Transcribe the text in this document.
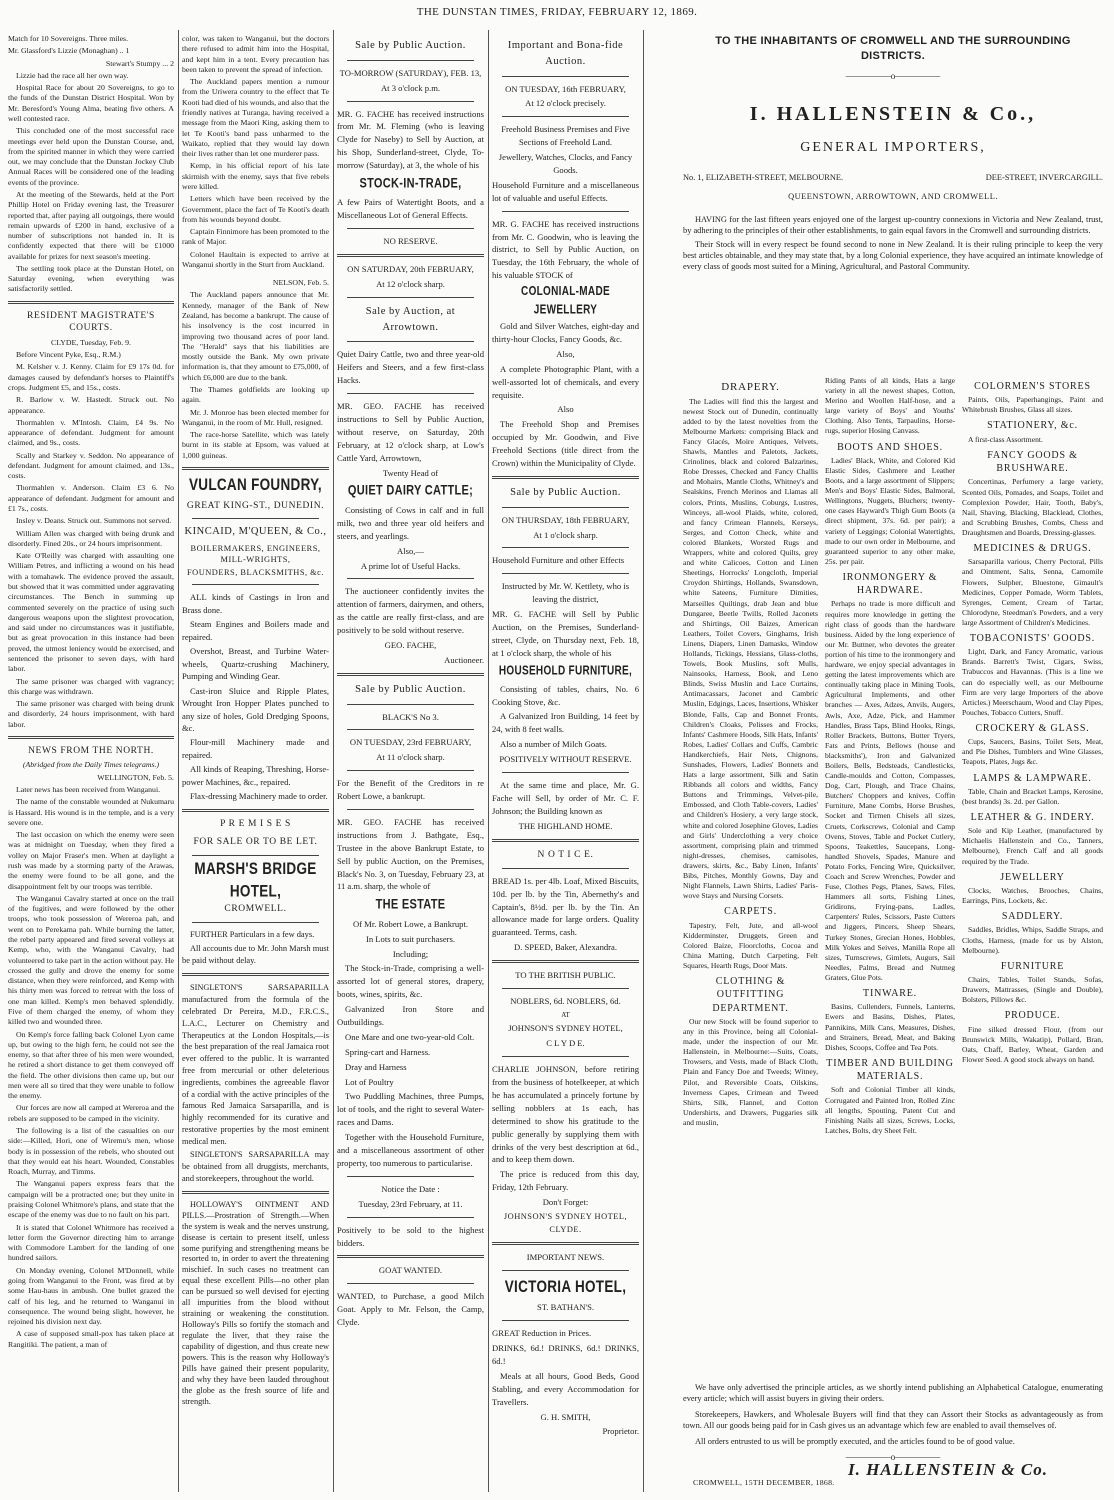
THE DUNSTAN TIMES, FRIDAY, FEBRUARY 12, 1869.

Match for 10 Sovereigns. Three miles.

Mr. Glassford's Lizzie (Monaghan) .. 1

Stewart's Stumpy ... 2

Lizzie had the race all her own way.

Hospital Race for about 20 Sovereigns, to go to the funds of the Dunstan District Hospital. Won by Mr. Beresford's Young Alma, beating five others. A well contested race.

This concluded one of the most successful race meetings ever held upon the Dunstan Course, and, from the spirited manner in which they were carried out, we may conclude that the Dunstan Jockey Club Annual Races will be considered one of the leading events of the province.

At the meeting of the Stewards, held at the Port Phillip Hotel on Friday evening last, the Treasurer reported that, after paying all outgoings, there would remain upwards of £200 in hand, exclusive of a number of subscriptions not handed in. It is confidently expected that there will be £1000 available for prizes for next season's meeting.

The settling took place at the Dunstan Hotel, on Saturday evening, when everything was satisfactorily settled.

RESIDENT MAGISTRATE'S COURTS.

CLYDE, Tuesday, Feb. 9.

Before Vincent Pyke, Esq., R.M.)

M. Kelsher v. J. Kenny. Claim for £9 17s 0d. for damages caused by defendant's horses to Plaintiff's crops. Judgment £5, and 15s., costs.

R. Barlow v. W. Hastedt. Struck out. No appearance.

Thormahlen v. M'Intosh. Claim, £4 9s. No appearance of defendant. Judgment for amount claimed, and 9s., costs.

Scally and Starkey v. Seddon. No appearance of defendant. Judgment for amount claimed, and 13s., costs.

Thormahlen v. Anderson. Claim £3 6. No appearance of defendant. Judgment for amount and £1 7s., costs.

Insley v. Deans. Struck out. Summons not served.

William Allen was charged with being drunk and disorderly. Fined 20s., or 24 hours imprisonment.

Kate O'Reilly was charged with assaulting one William Petres, and inflicting a wound on his head with a tomahawk. The evidence proved the assault, but showed that it was committed under aggravating circumstances. The Bench in summing up commented severely on the practice of using such dangerous weapons upon the slightest provocation, and said under no circumstances was it justifiable, but as great provocation in this instance had been proved, the utmost leniency would be exercised, and sentenced the prisoner to seven days, with hard labor.

The same prisoner was charged with vagrancy; this charge was withdrawn.

The same prisoner was charged with being drunk and disorderly, 24 hours imprisonment, with hard labor.

NEWS FROM THE NORTH.

(Abridged from the Daily Times telegrams.)

WELLINGTON, Feb. 5.

Later news has been received from Wanganui.

The name of the constable wounded at Nukumaru is Hassard. His wound is in the temple, and is a very severe one.

The last occasion on which the enemy were seen was at midnight on Tuesday, when they fired a volley on Major Fraser's men. When at daylight a rush was made by a storming party of the Arawas, the enemy were found to be all gone, and the disappointment felt by our troops was terrible.

The Wanganui Cavalry started at once on the trail of the fugitives, and were followed by the other troops, who took possession of Wereroa pah, and went on to Perekama pah. While burning the latter, the rebel party appeared and fired several volleys at Kemp, who, with the Wanganui Cavalry, had volunteered to take part in the action without pay. He crossed the gully and drove the enemy for some distance, when they were reinforced, and Kemp with his thirty men was forced to retreat with the loss of one man killed. Kemp's men behaved splendidly. Five of them charged the enemy, of whom they killed two and wounded three.

On Kemp's force falling back Colonel Lyon came up, but owing to the high fern, he could not see the enemy, so that after three of his men were wounded, he retired a short distance to get them conveyed off the field. The other divisions then came up, but our men were all so tired that they were unable to follow the enemy.

Our forces are now all camped at Wereroa and the rebels are supposed to be camped in the vicinity.

The following is a list of the casualties on our side:—Killed, Hori, one of Wiremu's men, whose body is in possession of the rebels, who shouted out that they would eat his heart. Wounded, Constables Roach, Murray, and Timms.

The Wanganui papers express fears that the campaign will be a protracted one; but they unite in praising Colonel Whitmore's plans, and state that the escape of the enemy was due to no fault on his part.

It is stated that Colonel Whitmore has received a letter form the Governor directing him to arrange with Commodore Lambert for the landing of one hundred sailors.

On Monday evening, Colonel M'Donnell, while going from Wanganui to the Front, was fired at by some Hau-haus in ambush. One bullet grazed the calf of his leg, and he returned to Wanganui in consequence. The wound being slight, however, he rejoined his division next day.

A case of supposed small-pox has taken place at Rangitiki. The patient, a man of

color, was taken to Wanganui, but the doctors there refused to admit him into the Hospital, and kept him in a tent. Every precaution has been taken to prevent the spread of infection.

The Auckland papers mention a rumour from the Uriwera country to the effect that Te Kooti had died of his wounds, and also that the friendly natives at Turanga, having received a message from the Maori King, asking them to let Te Kooti's band pass unharmed to the Waikato, replied that they would lay down their lives rather than let one murderer pass.

Kemp, in his official report of his late skirmish with the enemy, says that five rebels were killed.

Letters which have been received by the Government, place the fact of Te Kooti's death from his wounds beyond doubt.

Captain Finnimore has been promoted to the rank of Major.

Colonel Haultain is expected to arrive at Wanganui shortly in the Sturt from Auckland.

NELSON, Feb. 5.

The Auckland papers announce that Mr. Kennedy, manager of the Bank of New Zealand, has become a bankrupt. The cause of his insolvency is the cost incurred in improving two thousand acres of poor land. The "Herald" says that his liabilities are mostly outside the Bank. My own private information is, that they amount to £75,000, of which £6,000 are due to the bank.

The Thames goldfields are looking up again.

Mr. J. Monroe has been elected member for Wanganui, in the room of Mr. Hull, resigned.

The race-horse Satellite, which was lately burnt in its stable at Epsom, was valued at 1,000 guineas.

VULCAN FOUNDRY,
GREAT KING-ST., DUNEDIN.
KINCAID, M'QUEEN, & Co.,

BOILERMAKERS, ENGINEERS, MILL-WRIGHTS,

FOUNDERS, BLACKSMITHS, &c.

ALL kinds of Castings in Iron and Brass done.

Steam Engines and Boilers made and repaired.

Overshot, Breast, and Turbine Water-wheels, Quartz-crushing Machinery, Pumping and Winding Gear.

Cast-iron Sluice and Ripple Plates, Wrought Iron Hopper Plates punched to any size of holes, Gold Dredging Spoons, &c.

Flour-mill Machinery made and repaired.

All kinds of Reaping, Threshing, Horse-power Machines, &c., repaired.

Flax-dressing Machinery made to order.

P R E M I S E S
FOR SALE OR TO BE LET.
MARSH'S BRIDGE HOTEL,
CROMWELL.

FURTHER Particulars in a few days.

All accounts due to Mr. John Marsh must be paid without delay.

SINGLETON'S SARSAPARILLA manufactured from the formula of the celebrated Dr Pereira, M.D., F.R.C.S., L.A.C., Lecturer on Chemistry and Therapeutics at the London Hospitals,—is the best preparation of the real Jamaica root ever offered to the public. It is warranted free from mercurial or other deleterious ingredients, combines the agreeable flavor of a cordial with the active principles of the famous Red Jamaica Sarsaparilla, and is highly recommended for its curative and restorative properties by the most eminent medical men.

SINGLETON'S SARSAPARILLA may be obtained from all druggists, merchants, and storekeepers, throughout the world.

HOLLOWAY'S OINTMENT AND PILLS.—Prostration of Strength.—When the system is weak and the nerves unstrung, disease is certain to present itself, unless some purifying and strengthening means be resorted to, in order to avert the threatening mischief. In such cases no treatment can equal these excellent Pills—no other plan can be pursued so well devised for ejecting all impurities from the blood without straining or weakening the constitution. Holloway's Pills so fortify the stomach and regulate the liver, that they raise the capability of digestion, and thus create new powers. This is the reason why Holloway's Pills have gained their present popularity, and why they have been lauded throughout the globe as the fresh source of life and strength.

Sale by Public Auction.

TO-MORROW (SATURDAY), FEB. 13,

At 3 o'clock p.m.

MR. G. FACHE has received instructions from Mr. M. Fleming (who is leaving Clyde for Naseby) to Sell by Auction, at his Shop, Sunderland-street, Clyde, To-morrow (Saturday), at 3, the whole of his

STOCK-IN-TRADE,

A few Pairs of Watertight Boots, and a Miscellaneous Lot of General Effects.

NO RESERVE.

ON SATURDAY, 20th FEBRUARY,

At 12 o'clock sharp.

Sale by Auction, at Arrowtown.

Quiet Dairy Cattle, two and three year-old Heifers and Steers, and a few first-class Hacks.

MR. GEO. FACHE has received instructions to Sell by Public Auction, without reserve, on Saturday, 20th February, at 12 o'clock sharp, at Low's Cattle Yard, Arrowtown,

Twenty Head of

QUIET DAIRY CATTLE;

Consisting of Cows in calf and in full milk, two and three year old heifers and steers, and yearlings.

Also,—

A prime lot of Useful Hacks.

The auctioneer confidently invites the attention of farmers, dairymen, and others, as the cattle are really first-class, and are positively to be sold without reserve.

GEO. FACHE,

Auctioneer.

Sale by Public Auction.

BLACK'S No 3.

ON TUESDAY, 23rd FEBRUARY,

At 11 o'clock sharp.

For the Benefit of the Creditors in re Robert Lowe, a bankrupt.

MR. GEO. FACHE has received instructions from J. Bathgate, Esq., Trustee in the above Bankrupt Estate, to Sell by public Auction, on the Premises, Black's No. 3, on Tuesday, February 23, at 11 a.m. sharp, the whole of

THE ESTATE

Of Mr. Robert Lowe, a Bankrupt.

In Lots to suit purchasers.

Including;

The Stock-in-Trade, comprising a well-assorted lot of general stores, drapery, boots, wines, spirits, &c.

Galvanized Iron Store and Outbuildings.

One Mare and one two-year-old Colt.

Spring-cart and Harness.

Dray and Harness

Lot of Poultry

Two Puddling Machines, three Pumps, lot of tools, and the right to several Water-races and Dams.

Together with the Household Furniture, and a miscellaneous assortment of other property, too numerous to particularise.

Notice the Date :

Tuesday, 23rd February, at 11.

Positively to be sold to the highest bidders.

GOAT WANTED.

WANTED, to Purchase, a good Milch Goat. Apply to Mr. Felson, the Camp, Clyde.

Important and Bona-fide Auction.

ON TUESDAY, 16th FEBRUARY,

At 12 o'clock precisely.

Freehold Business Premises and Five Sections of Freehold Land.

Jewellery, Watches, Clocks, and Fancy Goods.

Household Furniture and a miscellaneous lot of valuable and useful Effects.

MR. G. FACHE has received instructions from Mr. C. Goodwin, who is leaving the district, to Sell by Public Auction, on Tuesday, the 16th February, the whole of his valuable STOCK of

COLONIAL-MADE JEWELLERY

Gold and Silver Watches, eight-day and thirty-hour Clocks, Fancy Goods, &c.

Also,

A complete Photographic Plant, with a well-assorted lot of chemicals, and every requisite.

Also

The Freehold Shop and Premises occupied by Mr. Goodwin, and Five Freehold Sections (title direct from the Crown) within the Municipality of Clyde.

Sale by Public Auction.

ON THURSDAY, 18th FEBRUARY,

At 1 o'clock sharp.

Household Furniture and other Effects

Instructed by Mr. W. Kettlety, who is leaving the district,

MR. G. FACHE will Sell by Public Auction, on the Premises, Sunderland-street, Clyde, on Thursday next, Feb. 18, at 1 o'clock sharp, the whole of his

HOUSEHOLD FURNITURE,

Consisting of tables, chairs, No. 6 Cooking Stove, &c.

A Galvanized Iron Building, 14 feet by 24, with 8 feet walls.

Also a number of Milch Goats.

POSITIVELY WITHOUT RESERVE.

At the same time and place, Mr. G. Fache will Sell, by order of Mr. C. F. Johnson; the Building known as

THE HIGHLAND HOME.

N O T I C E.

BREAD 1s. per 4lb. Loaf, Mixed Biscuits, 10d. per lb. by the Tin, Abernethy's and Captain's, 8½d. per lb. by the Tin. An allowance made for large orders. Quality guaranteed. Terms, cash.

D. SPEED, Baker, Alexandra.

TO THE BRITISH PUBLIC.

NOBLERS, 6d. NOBLERS, 6d.

AT

JOHNSON'S SYDNEY HOTEL,

C L Y D E.

CHARLIE JOHNSON, before retiring from the business of hotelkeeper, at which he has accumulated a princely fortune by selling nobblers at 1s each, has determined to show his gratitude to the public generally by supplying them with drinks of the very best description at 6d., and to keep them down.

The price is reduced from this day, Friday, 12th February.

Don't Forget:

JOHNSON'S SYDNEY HOTEL, CLYDE.

IMPORTANT NEWS.

VICTORIA HOTEL,

ST. BATHAN'S.

GREAT Reduction in Prices.

DRINKS, 6d.! DRINKS, 6d.! DRINKS, 6d.!

Meals at all hours, Good Beds, Good Stabling, and every Accommodation for Travellers.

G. H. SMITH,

Proprietor.

TO THE INHABITANTS OF CROMWELL AND THE SURROUNDING DISTRICTS.
—————o—————
I. HALLENSTEIN & Co.,
GENERAL IMPORTERS,
No. 1, ELIZABETH-STREET, MELBOURNE.	DEE-STREET, INVERCARGILL.
QUEENSTOWN, ARROWTOWN, AND CROMWELL.

HAVING for the last fifteen years enjoyed one of the largest up-country connexions in Victoria and New Zealand, trust, by adhering to the principles of their other establishments, to gain equal favors in the Cromwell and surrounding districts.

Their Stock will in every respect be found second to none in New Zealand. It is their ruling principle to keep the very best articles obtainable, and they may state that, by a long Colonial experience, they have acquired an intimate knowledge of every class of goods most suited for a Mining, Agricultural, and Pastoral Community.

DRAPERY.

The Ladies will find this the largest and newest Stock out of Dunedin, continually added to by the latest novelties from the Melbourne Markets: comprising Black and Fancy Glacés, Moire Antiques, Velvets, Shawls, Mantles and Paletots, Jackets, Crinolines, black and colored Balzarines, Robe Dresses, Checked and Fancy Challis and Mohairs, Mantle Cloths, Whitney's and Sealskins, French Merinos and Llamas all colors, Prints, Muslins, Coburgs, Lustres, Winceys, all-wool Plaids, white, colored, and fancy Crimean Flannels, Kerseys, Serges, and Cotton Check, white and colored Blankets, Worsted Rugs and Wrappers, white and colored Quilts, grey and white Calicoes, Cotton and Linen Sheetings, Horrocks' Longcloth, Imperial Croydon Shirtings, Hollands, Swansdown, white Sateens, Furniture Dimities, Marseilles Quiltings, drab Jean and blue Dungaree, Beetle Twills, Rolled Jaconets and Shirtings, Oil Baizes, American Leathers, Toilet Covers, Ginghams, Irish Linens, Diapers, Linen Damasks, Window Hollands, Tickings, Hessians, Glass-cloths, Towels, Book Muslins, soft Mulls, Nainsooks, Harness, Book, and Leno Blinds, Swiss Muslin and Lace Curtains, Antimacassars, Jaconet and Cambric Muslin, Edgings, Laces, Insertions, Whisker Blonde, Falls, Cap and Bonnet Fronts, Children's Cloaks, Pelisses and Frocks, Infants' Cashmere Hoods, Silk Hats, Infants' Robes, Ladies' Collars and Cuffs, Cambric Handkerchiefs, Hair Nets, Chignons, Sunshades, Flowers, Ladies' Bonnets and Hats a large assortment, Silk and Satin Ribbands all colors and widths, Fancy Buttons and Trimmings, Velvet-pile, Embossed, and Cloth Table-covers, Ladies' and Children's Hosiery, a very large stock, white and colored Josephine Gloves, Ladies and Girls' Underclothing a very choice assortment, comprising plain and trimmed night-dresses, chemises, camisoles, drawers, skirts, &c., Baby Linen, Infants' Bibs, Pitches, Monthly Gowns, Day and Night Flannels, Lawn Shirts, Ladies' Paris-wove Stays and Nursing Corsets.

CARPETS.

Tapestry, Felt, Jute, and all-wool Kidderminster, Druggets, Green and Colored Baize, Floorcloths, Cocoa and China Matting, Dutch Carpeting, Felt Squares, Hearth Rugs, Door Mats.

CLOTHING & OUTFITTING DEPARTMENT.

Our new Stock will be found superior to any in this Province, being all Colonial-made, under the inspection of our Mr. Hallenstein, in Melbourne:—Suits, Coats, Trowsers, and Vests, made of Black Cloth, Plain and Fancy Doe and Tweeds; Witney, Pilot, and Reversible Coats, Oilskins, Inverness Capes, Crimean and Tweed Shirts, Silk, Flannel, and Cotton Undershirts, and Drawers, Puggaries silk and muslin,

Riding Pants of all kinds, Hats a large variety in all the newest shapes, Cotton, Merino and Woollen Half-hose, and a large variety of Boys' and Youths' Clothing. Also Tents, Tarpaulins, Horse-rugs, superior Hosing Canvass.

BOOTS AND SHOES.

Ladies' Black, White, and Colored Kid Elastic Sides, Cashmere and Leather Boots, and a large assortment of Slippers; Men's and Boys' Elastic Sides, Balmoral, Wellingtons, Nuggets, Bluchers; twenty-one cases Hayward's Thigh Gum Boots (a direct shipment, 37s. 6d. per pair); a variety of Leggings; Colonial Watertights, made to our own order in Melbourne, and guaranteed superior to any other make, 25s. per pair.

IRONMONGERY & HARDWARE.

Perhaps no trade is more difficult and requires more knowledge in getting the right class of goods than the hardware business. Aided by the long experience of our Mr. Buttner, who devotes the greater portion of his time to the ironmongery and hardware, we enjoy special advantages in getting the latest improvements which are continually taking place in Mining Tools, Agricultural Implements, and other branches — Axes, Adzes, Anvils, Augers, Awls, Axe, Adze, Pick, and Hammer Handles, Brass Taps, Blind Hooks, Rings, Roller Brackets, Buttons, Butter Tryers, Fats and Prints, Bellows (house and blacksmiths'), Iron and Galvanized Boilers, Bells, Bedsteads, Candlesticks, Candle-moulds and Cotton, Compasses, Dog, Cart, Plough, and Trace Chains, Butchers' Choppers and knives, Coffin Furniture, Mane Combs, Horse Brushes, Socket and Tirmen Chisels all sizes, Cruets, Corkscrews, Colonial and Camp Ovens, Stoves, Table and Pocket Cutlery, Spoons, Teakettles, Saucepans, Long-handled Shovels, Spades, Manure and Potato Forks, Fencing Wire, Quicksilver, Coach and Screw Wrenches, Powder and Fuse, Clothes Pegs, Planes, Saws, Files, Hammers all sorts, Fishing Lines, Gridirons, Frying-pans, Ladles, Carpenters' Rules, Scissors, Paste Cutters and Jiggers, Pincers, Sheep Shears, Turkey Stones, Grecian Hones, Hobbles, Milk Yokes and Seives, Manilla Rope all sizes, Turnscrews, Gimlets, Augurs, Sail Needles, Palms, Bread and Nutmeg Graters, Glue Pots.

TINWARE.

Basins, Cullenders, Funnels, Lanterns, Ewers and Basins, Dishes, Plates, Pannikins, Milk Cans, Measures, Dishes, and Strainers, Bread, Meat, and Baking Dishes, Scoops, Coffee and Tea Pots.

TIMBER AND BUILDING MATERIALS.

Soft and Colonial Timber all kinds, Corrugated and Painted Iron, Rolled Zinc all lengths, Spouting, Patent Cut and Finishing Nails all sizes, Screws, Locks, Latches, Bolts, dry Sheet Felt.

COLORMEN'S STORES

Paints, Oils, Paperhangings, Paint and Whitebrush Brushes, Glass all sizes.

STATIONERY, &c.

A first-class Assortment.

FANCY GOODS & BRUSHWARE.

Concertinas, Perfumery a large variety, Scented Oils, Pomades, and Soaps, Toilet and Complexion Powder, Hair, Tooth, Baby's, Nail, Shaving, Blacking, Blacklead, Clothes, and Scrubbing Brushes, Combs, Chess and Draughtsmen and Boards, Dressing-glasses.

MEDICINES & DRUGS.

Sarsaparilla various, Cherry Pectoral, Pills and Ointment, Salts, Senna, Camomile Flowers, Sulpher, Bluestone, Gimault's Medicines, Copper Pomade, Worm Tablets, Syrenges, Cement, Cream of Tartar, Chlorodyne, Steedman's Powders, and a very large Assortment of Children's Medicines.

TOBACONISTS' GOODS.

Light, Dark, and Fancy Aromatic, various Brands. Barrett's Twist, Cigars, Swiss, Trabuccos and Havannas. (This is a line we can do especially well, as our Melbourne Firm are very large Importers of the above Articles.) Meerschaum, Wood and Clay Pipes, Pouches, Tobacco Cutters, Snuff.

CROCKERY & GLASS.

Cups, Saucers, Basins, Toilet Sets, Meat, and Pie Dishes, Tumblers and Wine Glasses, Teapots, Plates, Jugs &c.

LAMPS & LAMPWARE.

Table, Chain and Bracket Lamps, Kerosine, (best brands) 3s. 2d. per Gallon.

LEATHER & G. INDERY.

Sole and Kip Leather, (manufactured by Michaelis Hallenstein and Co., Tanners, Melbourne), French Calf and all goods required by the Trade.

JEWELLERY

Clocks, Watches, Brooches, Chains, Earrings, Pins, Lockets, &c.

SADDLERY.

Saddles, Bridles, Whips, Saddle Straps, and Cloths, Harness, (made for us by Alston, Melbourne).

FURNITURE

Chairs, Tables, Toilet Stands, Sofas, Drawers, Mattrasses, (Single and Double), Bolsters, Pillows &c.

PRODUCE.

Fine silked dressed Flour, (from our Brunswick Mills, Wakatip), Pollard, Bran, Oats, Chaff, Barley, Wheat, Garden and Flower Seed. A good stock always on hand.

We have only advertised the principle articles, as we shortly intend publishing an Alphabetical Catalogue, enumerating every article; which will assist buyers in giving their orders.

Storekeepers, Hawkers, and Wholesale Buyers will find that they can Assort their Stocks as advantageously as from town. All our goods being paid for in Cash gives us an advantage which few are enabled to avail themselves of.

All orders entrusted to us will be promptly executed, and the articles found to be of good value.

—————o—————
I. HALLENSTEIN & Co.
CROMWELL, 15TH DECEMBER, 1868.
